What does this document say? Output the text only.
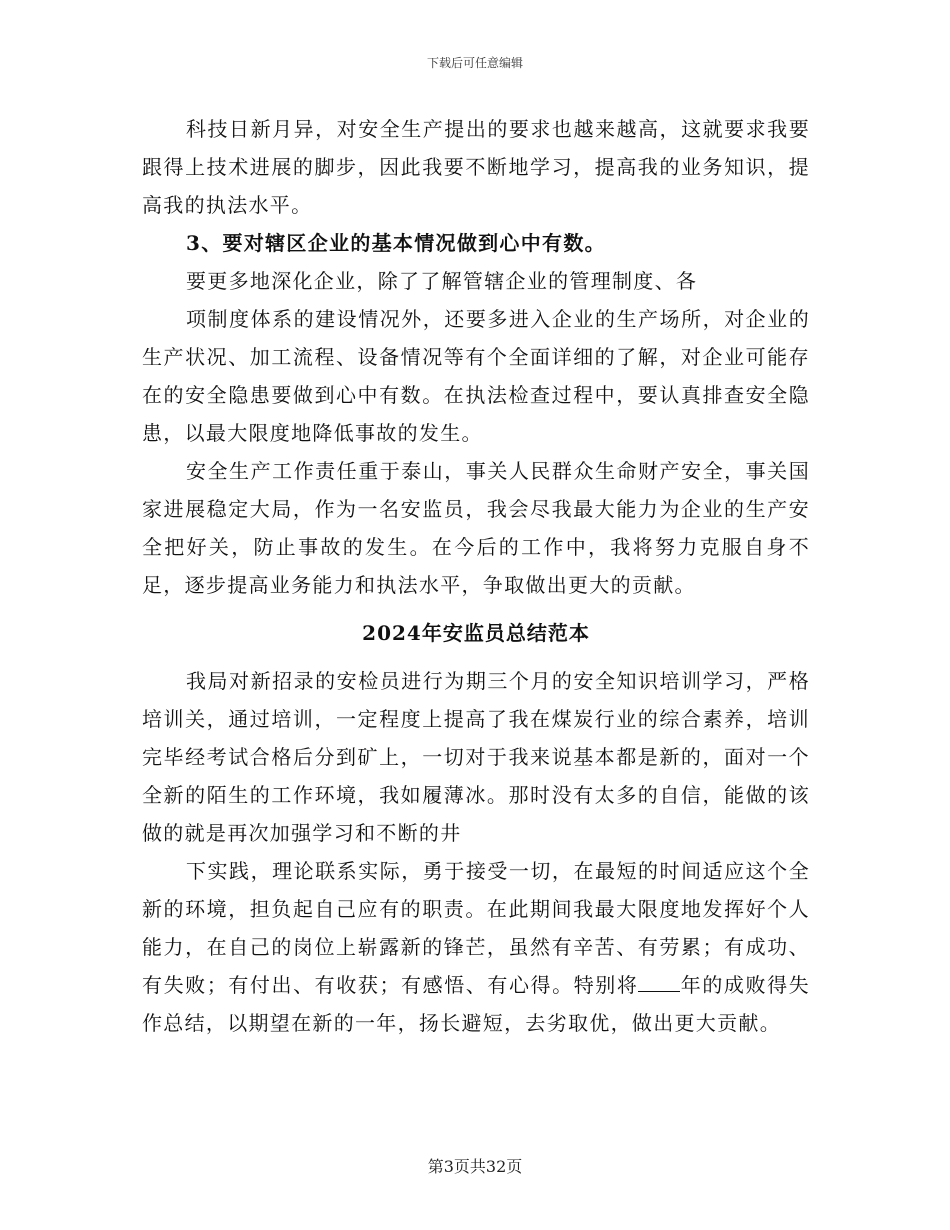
下载后可任意编辑

科技日新月异，对安全生产提出的要求也越来越高，这就要求我要跟得上技术进展的脚步，因此我要不断地学习，提高我的业务知识，提高我的执法水平。

3、要对辖区企业的基本情况做到心中有数。

要更多地深化企业，除了了解管辖企业的管理制度、各

项制度体系的建设情况外，还要多进入企业的生产场所，对企业的生产状况、加工流程、设备情况等有个全面详细的了解，对企业可能存在的安全隐患要做到心中有数。在执法检查过程中，要认真排查安全隐患，以最大限度地降低事故的发生。

安全生产工作责任重于泰山，事关人民群众生命财产安全，事关国家进展稳定大局，作为一名安监员，我会尽我最大能力为企业的生产安全把好关，防止事故的发生。在今后的工作中，我将努力克服自身不足，逐步提高业务能力和执法水平，争取做出更大的贡献。

2024年安监员总结范本

我局对新招录的安检员进行为期三个月的安全知识培训学习，严格培训关，通过培训，一定程度上提高了我在煤炭行业的综合素养，培训完毕经考试合格后分到矿上，一切对于我来说基本都是新的，面对一个全新的陌生的工作环境，我如履薄冰。那时没有太多的自信，能做的该做的就是再次加强学习和不断的井

下实践，理论联系实际，勇于接受一切，在最短的时间适应这个全新的环境，担负起自己应有的职责。在此期间我最大限度地发挥好个人能力，在自己的岗位上崭露新的锋芒，虽然有辛苦、有劳累；有成功、有失败；有付出、有收获；有感悟、有心得。特别将 年的成败得失作总结，以期望在新的一年，扬长避短，去劣取优，做出更大贡献。

第3页共32页
